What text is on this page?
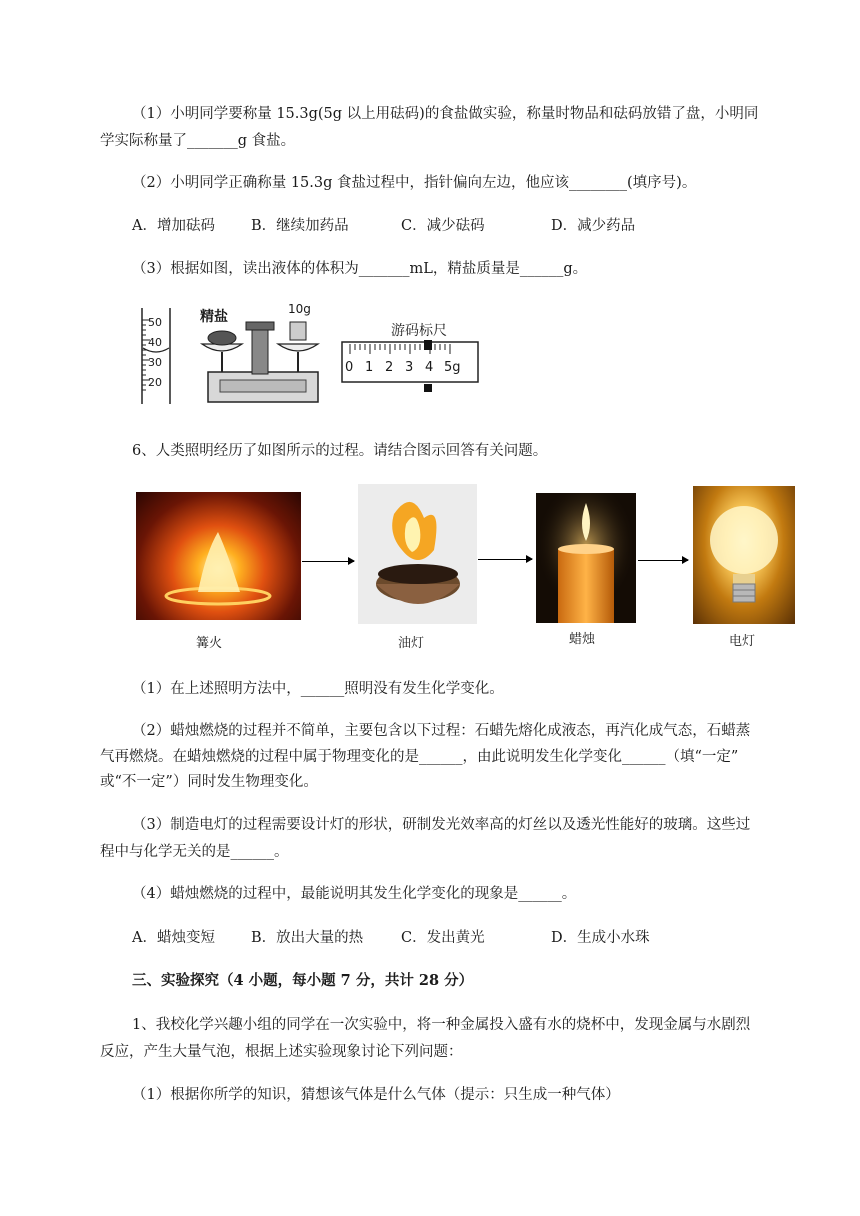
（1）小明同学要称量 15.3g(5g 以上用砝码)的食盐做实验，称量时物品和砝码放错了盘，小明同
学实际称量了_______g 食盐。
（2）小明同学正确称量 15.3g 食盐过程中，指针偏向左边，他应该________(填序号)。
A．增加砝码 B．继续加药品	C．减少砝码	D．减少药品
（3）根据如图，读出液体的体积为_______mL，精盐质量是______g。
50
40
30
20
精盐	10g
游码标尺
0 1 2 3 4 5g
6、人类照明经历了如图所示的过程。请结合图示回答有关问题。
篝火	油灯	蜡烛	电灯
（1）在上述照明方法中，______照明没有发生化学变化。
（2）蜡烛燃烧的过程并不简单，主要包含以下过程：石蜡先熔化成液态，再汽化成气态，石蜡蒸
气再燃烧。在蜡烛燃烧的过程中属于物理变化的是______，由此说明发生化学变化______（填“一定”
或“不一定”）同时发生物理变化。
（3）制造电灯的过程需要设计灯的形状，研制发光效率高的灯丝以及透光性能好的玻璃。这些过
程中与化学无关的是______。
（4）蜡烛燃烧的过程中，最能说明其发生化学变化的现象是______。
A．蜡烛变短 B．放出大量的热	C．发出黄光	D．生成小水珠
三、实验探究（4 小题，每小题 7 分，共计 28 分）
1、我校化学兴趣小组的同学在一次实验中，将一种金属投入盛有水的烧杯中，发现金属与水剧烈
反应，产生大量气泡，根据上述实验现象讨论下列问题：
（1）根据你所学的知识，猜想该气体是什么气体（提示：只生成一种气体）
